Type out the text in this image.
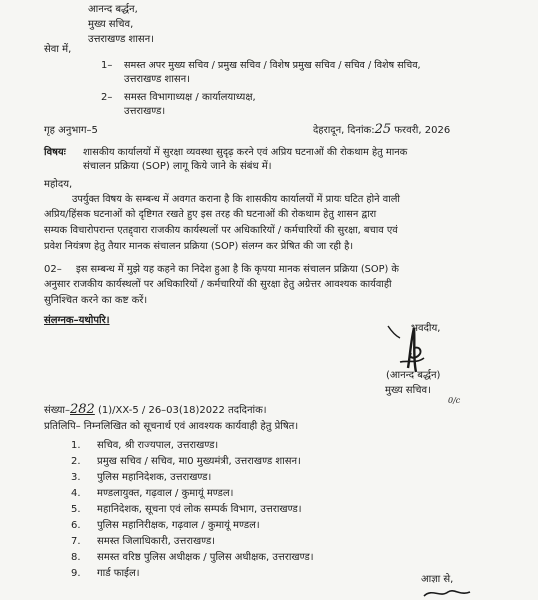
आनन्द बर्द्धन,
मुख्य सचिव,
उत्तराखण्ड शासन।
सेवा में,
1– समस्त अपर मुख्य सचिव / प्रमुख सचिव / विशेष प्रमुख सचिव / सचिव / विशेष सचिव,
उत्तराखण्ड शासन।
2– समस्त विभागाध्यक्ष / कार्यालयाध्यक्ष,
उत्तराखण्ड।
गृह अनुभाग–5	देहरादून, दिनांक:25 फरवरी, 2026
विषयः शासकीय कार्यालयों में सुरक्षा व्यवस्था सुदृढ़ करने एवं अप्रिय घटनाओं की रोकथाम हेतु मानक
संचालन प्रक्रिया (SOP) लागू किये जाने के संबंध में।
महोदय,
उपर्युक्त विषय के सम्बन्ध में अवगत कराना है कि शासकीय कार्यालयों में प्रायः घटित होने वाली
अप्रिय/हिंसक घटनाओं को दृष्टिगत रखते हुए इस तरह की घटनाओं की रोकथाम हेतु शासन द्वारा
सम्यक विचारोपरान्त एतद्द्वारा राजकीय कार्यस्थलों पर अधिकारियों / कर्मचारियों की सुरक्षा, बचाव एवं
प्रवेश नियंत्रण हेतु तैयार मानक संचालन प्रक्रिया (SOP) संलग्न कर प्रेषित की जा रही है।
02– इस सम्बन्ध में मुझे यह कहने का निदेश हुआ है कि कृपया मानक संचालन प्रक्रिया (SOP) के
अनुसार राजकीय कार्यस्थलों पर अधिकारियों / कर्मचारियों की सुरक्षा हेतु अग्रेत्तर आवश्यक कार्यवाही
सुनिश्चित करने का कष्ट करें।
संलग्नक–यथोपरि।
भवदीय,
(आनन्द बर्द्धन)
मुख्य सचिव।
0/c
संख्या–282 (1)/XX-5 / 26–03(18)2022 तददिनांक।
प्रतिलिपि– निम्नलिखित को सूचनार्थ एवं आवश्यक कार्यवाही हेतु प्रेषित।
1. सचिव, श्री राज्यपाल, उत्तराखण्ड।
2. प्रमुख सचिव / सचिव, मा0 मुख्यमंत्री, उत्तराखण्ड शासन।
3. पुलिस महानिदेशक, उत्तराखण्ड।
4. मण्डलायुक्त, गढ़वाल / कुमायूं मण्डल।
5. महानिदेशक, सूचना एवं लोक सम्पर्क विभाग, उत्तराखण्ड।
6. पुलिस महानिरीक्षक, गढ़वाल / कुमायूं मण्डल।
7. समस्त जिलाधिकारी, उत्तराखण्ड।
8. समस्त वरिष्ठ पुलिस अधीक्षक / पुलिस अधीक्षक, उत्तराखण्ड।
9. गार्ड फाईल।
आज्ञा से,
